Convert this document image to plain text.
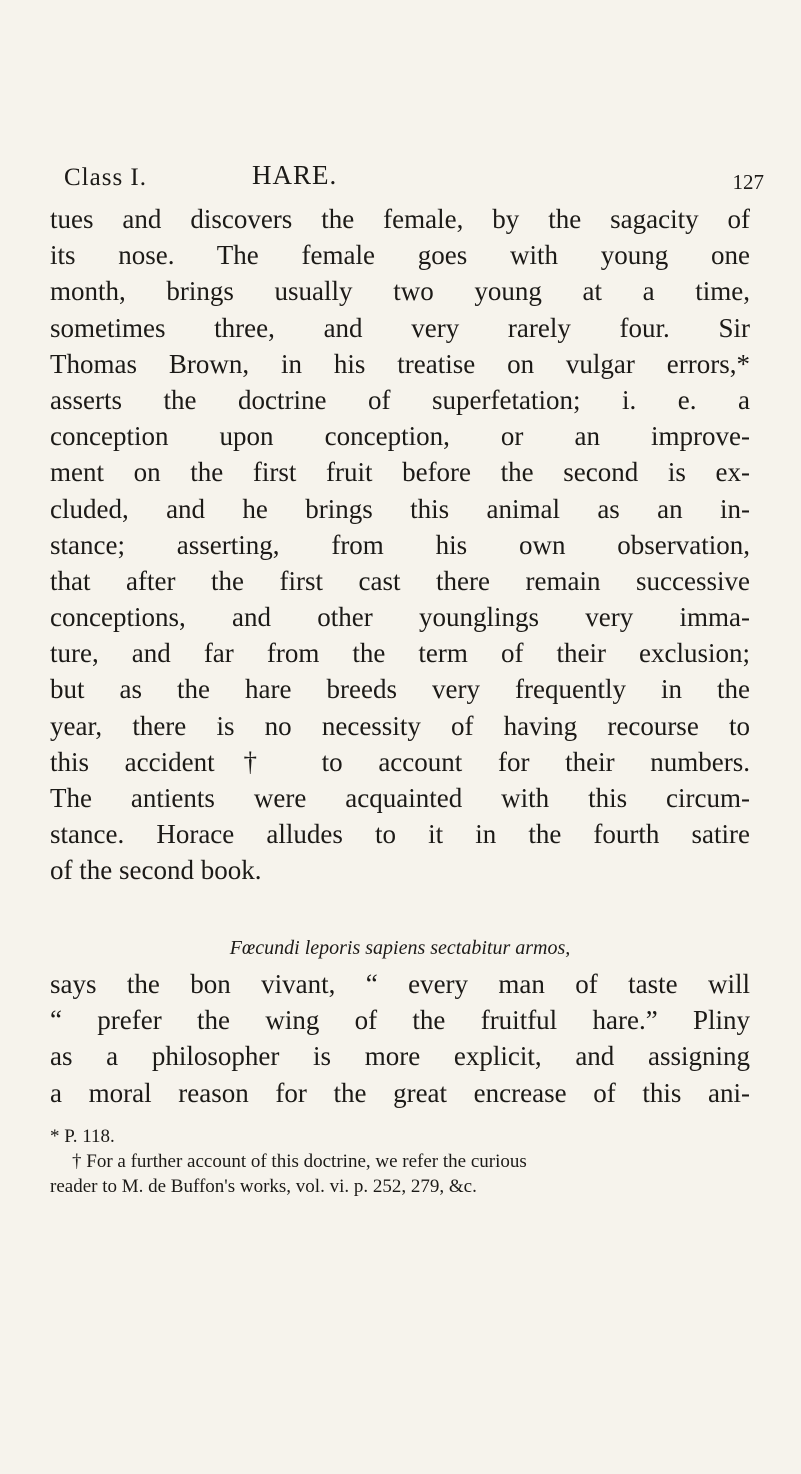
Class I.	HARE.	127
tues and discovers the female, by the sagacity of
its nose. The female goes with young one
month, brings usually two young at a time,
sometimes three, and very rarely four. Sir
Thomas Brown, in his treatise on vulgar errors,*
asserts the doctrine of superfetation; i. e. a
conception upon conception, or an improve-
ment on the first fruit before the second is ex-
cluded, and he brings this animal as an in-
stance; asserting, from his own observation,
that after the first cast there remain successive
conceptions, and other younglings very imma-
ture, and far from the term of their exclusion;
but as the hare breeds very frequently in the
year, there is no necessity of having recourse to
this accident† to account for their numbers.
The antients were acquainted with this circum-
stance. Horace alludes to it in the fourth satire
of the second book.
Fœcundi leporis sapiens sectabitur armos,
says the bon vivant, “ every man of taste will
“ prefer the wing of the fruitful hare.” Pliny
as a philosopher is more explicit, and assigning
a moral reason for the great encrease of this ani-
* P. 118.
† For a further account of this doctrine, we refer the curious
reader to M. de Buffon's works, vol. vi. p. 252, 279, &c.
